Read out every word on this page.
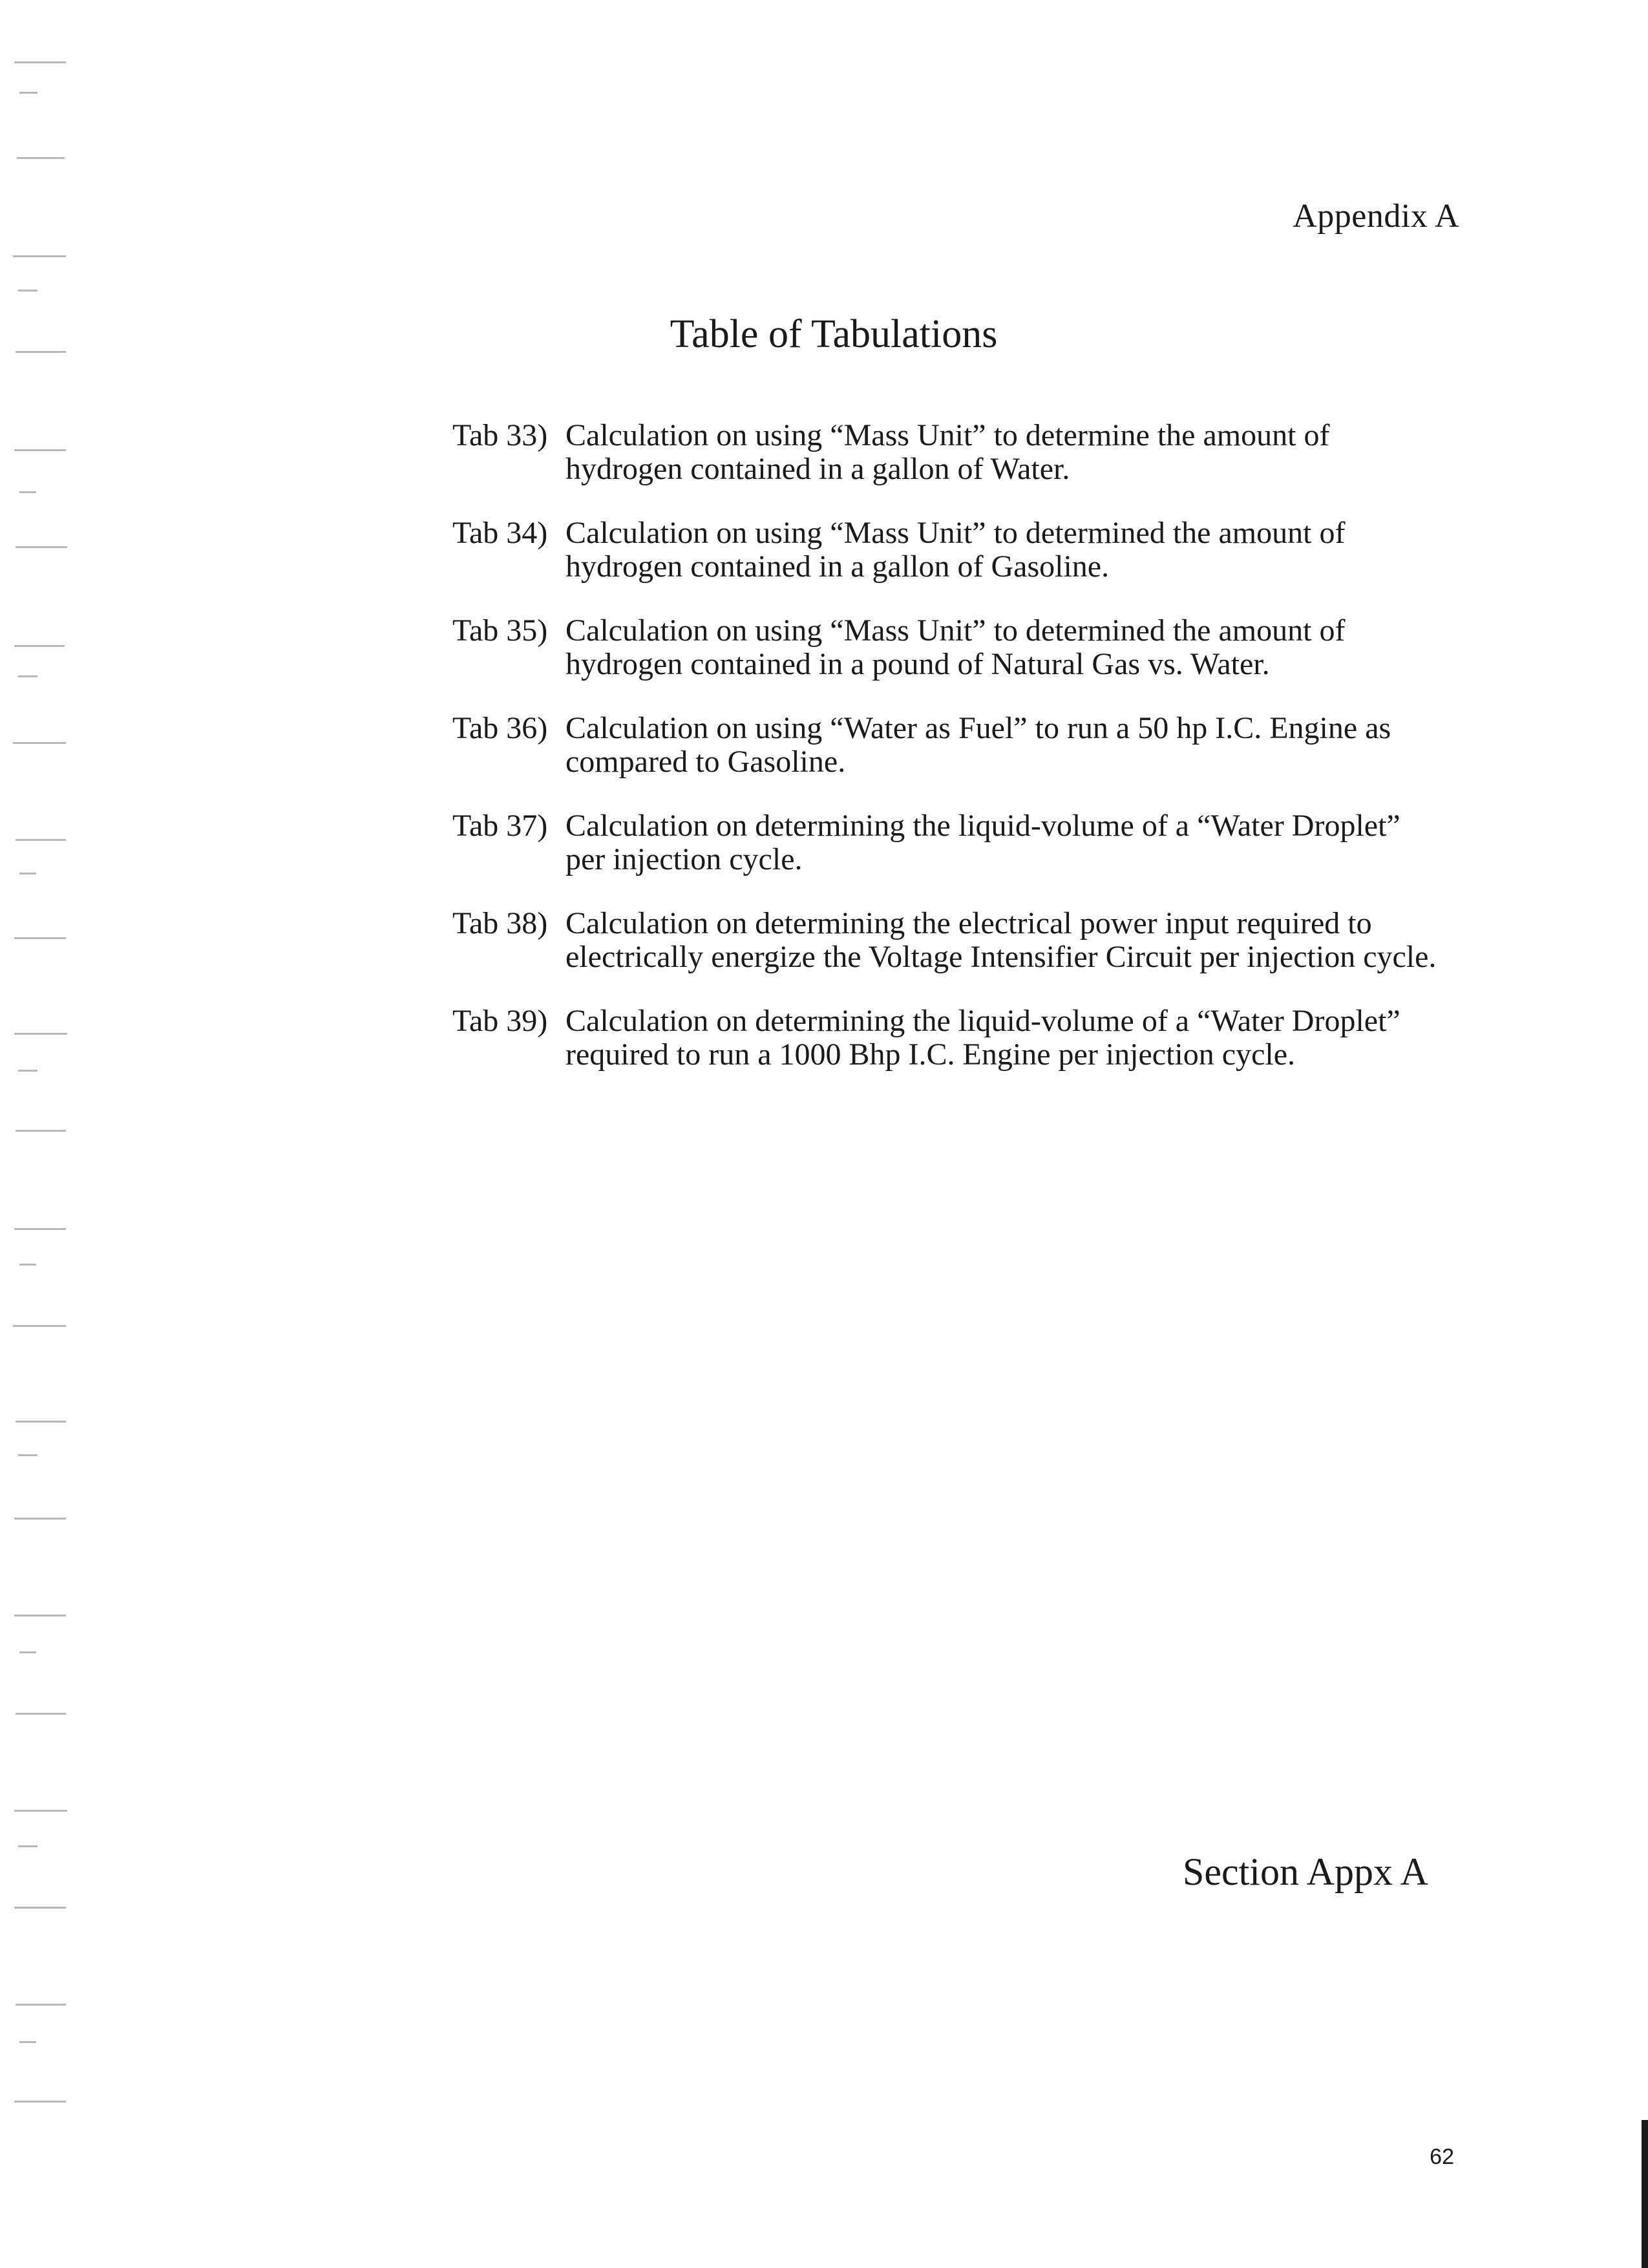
Appendix A
Table of Tabulations
Tab 33) Calculation on using “Mass Unit” to determine the amount of
hydrogen contained in a gallon of Water.
Tab 34) Calculation on using “Mass Unit” to determined the amount of
hydrogen contained in a gallon of Gasoline.
Tab 35) Calculation on using “Mass Unit” to determined the amount of
hydrogen contained in a pound of Natural Gas vs. Water.
Tab 36) Calculation on using “Water as Fuel” to run a 50 hp I.C. Engine as
compared to Gasoline.
Tab 37) Calculation on determining the liquid-volume of a “Water Droplet”
per injection cycle.
Tab 38) Calculation on determining the electrical power input required to
electrically energize the Voltage Intensifier Circuit per injection cycle.
Tab 39) Calculation on determining the liquid-volume of a “Water Droplet”
required to run a 1000 Bhp I.C. Engine per injection cycle.
Section Appx A
62
